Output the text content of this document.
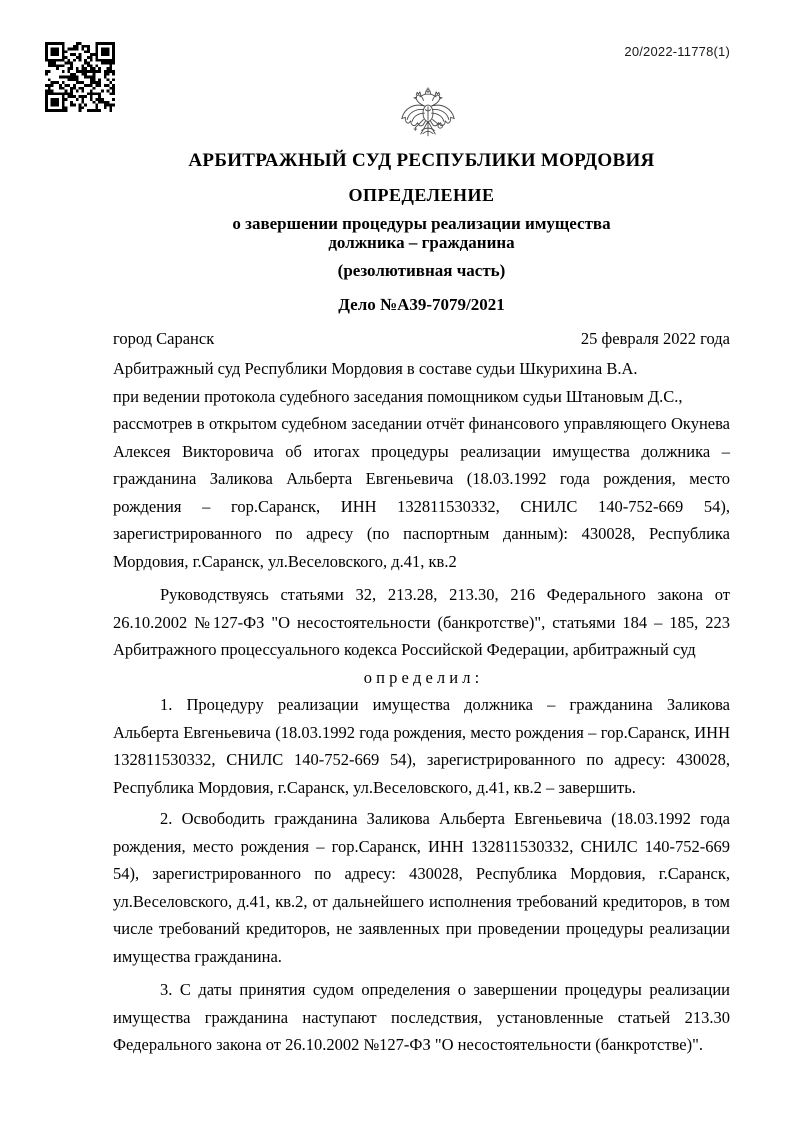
20/2022-11778(1)
АРБИТРАЖНЫЙ СУД РЕСПУБЛИКИ МОРДОВИЯ
ОПРЕДЕЛЕНИЕ
о завершении процедуры реализации имущества
должника – гражданина
(резолютивная часть)
Дело №А39-7079/2021
город Саранск	25 февраля 2022 года

Арбитражный суд Республики Мордовия в составе судьи Шкурихина В.А.

при ведении протокола судебного заседания помощником судьи Штановым Д.С.,

рассмотрев в открытом судебном заседании отчёт финансового управляющего Окунева Алексея Викторовича об итогах процедуры реализации имущества должника – гражданина Заликова Альберта Евгеньевича (18.03.1992 года рождения, место рождения – гор.Саранск, ИНН 132811530332, СНИЛС 140-752-669 54), зарегистрированного по адресу (по паспортным данным): 430028, Республика Мордовия, г.Саранск, ул.Веселовского, д.41, кв.2

Руководствуясь статьями 32, 213.28, 213.30, 216 Федерального закона от 26.10.2002 №127-ФЗ "О несостоятельности (банкротстве)", статьями 184 – 185, 223 Арбитражного процессуального кодекса Российской Федерации, арбитражный суд

о п р е д е л и л :

1. Процедуру реализации имущества должника – гражданина Заликова Альберта Евгеньевича (18.03.1992 года рождения, место рождения – гор.Саранск, ИНН 132811530332, СНИЛС 140-752-669 54), зарегистрированного по адресу: 430028, Республика Мордовия, г.Саранск, ул.Веселовского, д.41, кв.2 – завершить.

2. Освободить гражданина Заликова Альберта Евгеньевича (18.03.1992 года рождения, место рождения – гор.Саранск, ИНН 132811530332, СНИЛС 140-752-669 54), зарегистрированного по адресу: 430028, Республика Мордовия, г.Саранск, ул.Веселовского, д.41, кв.2, от дальнейшего исполнения требований кредиторов, в том числе требований кредиторов, не заявленных при проведении процедуры реализации имущества гражданина.

3. С даты принятия судом определения о завершении процедуры реализации имущества гражданина наступают последствия, установленные статьей 213.30 Федерального закона от 26.10.2002 №127-ФЗ "О несостоятельности (банкротстве)".
